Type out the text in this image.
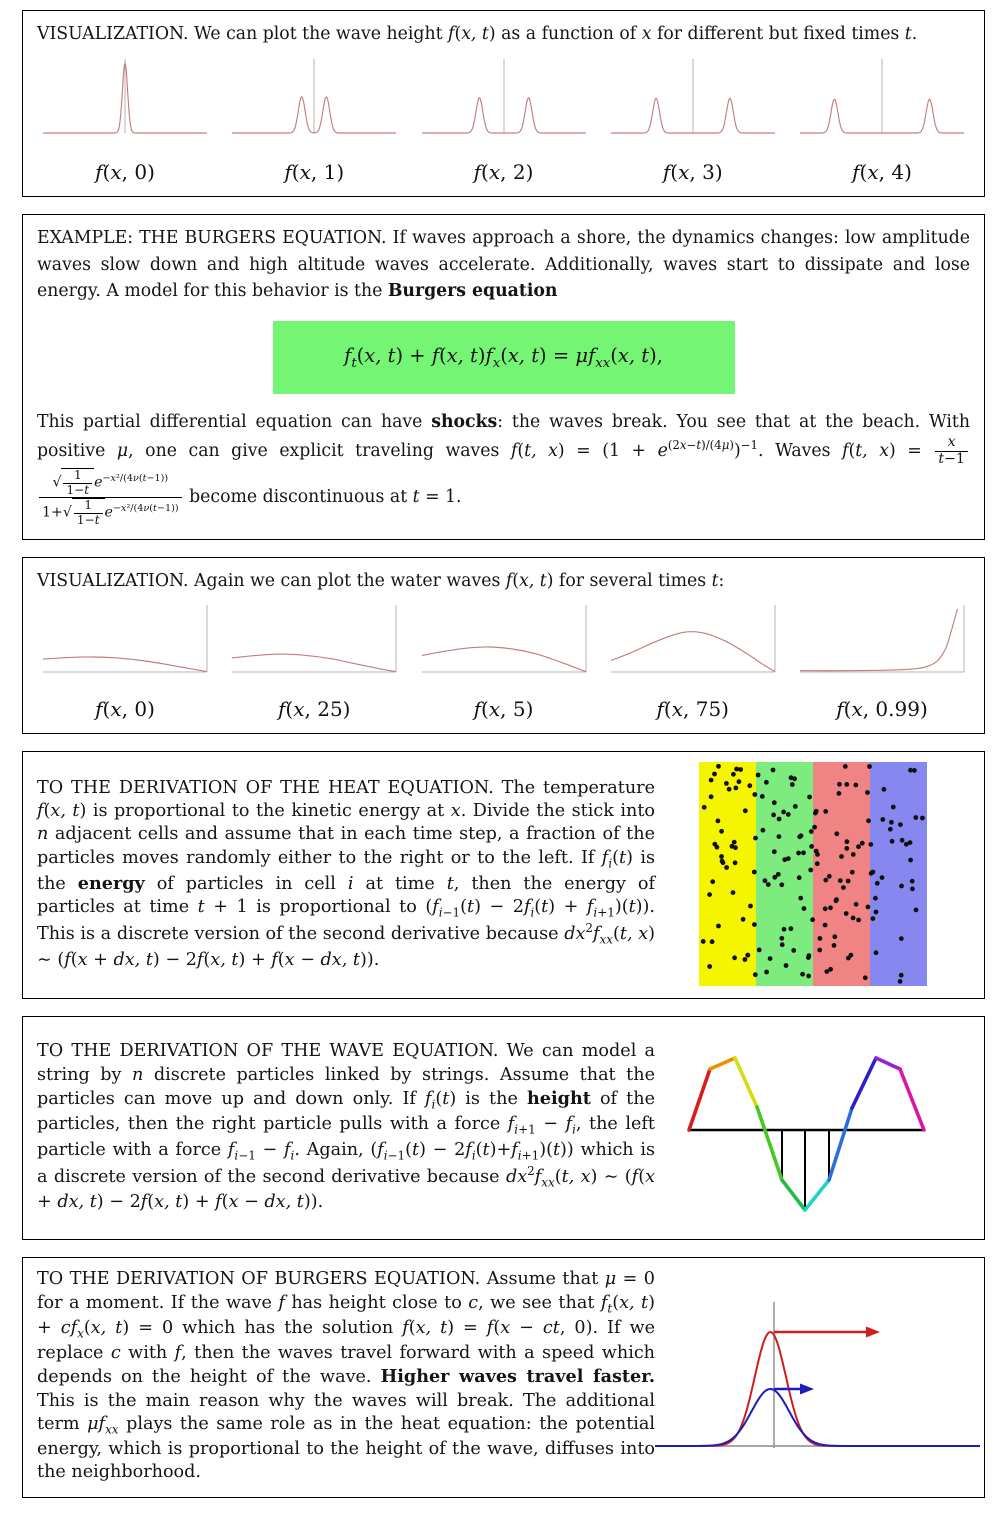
VISUALIZATION. We can plot the wave height f(x, t) as a function of x for different but fixed times t.

f(x, 0)	f(x, 1)	f(x, 2)	f(x, 3)	f(x, 4)

EXAMPLE: THE BURGERS EQUATION. If waves approach a shore, the dynamics changes: low amplitude waves slow down and high altitude waves accelerate. Additionally, waves start to dissipate and lose energy. A model for this behavior is the Burgers equation

$f_t(x$, t) + f(x, $t)f_x(x$, $t) = \mu f_{xx}(x$, t),

This partial differential equation can have shocks: the waves break. You see that at the beach. With positive μ, one can give explicit traveling waves f(t, $x) = (1 + e^{(2x-t)/(4\mu)})^{-1}$. Waves f(t, $x) = \frac{x}{t-1}$
$\frac{√ \frac{1}{1-t} e^{-x^2/(4\nu(t-1))}}{1+√ \frac{1}{1-t} e^{-x^2/(4\nu(t-1))}}$ become discontinuous at t = 1.

VISUALIZATION. Again we can plot the water waves f(x, t) for several times t:

f(x, 0)	f(x, 25)	f(x, 5)	f(x, 75)	f(x, 0.99)

TO THE DERIVATION OF THE HEAT EQUATION. The temperature f(x, t) is proportional to the kinetic energy at x. Divide the stick into n adjacent cells and assume that in each time step, a fraction of the particles moves randomly either to the right or to the left. If $f_i(t)$ is the energy of particles in cell i at time t, then the energy of particles at time t + 1 is proportional to $(f_{i-1}(t) - 2f_i(t) + f_{i+1})(t)$). This is a discrete version of the second derivative because $dx^2f_{xx}(t$, x) ∼ (f(x + dx, t) − 2f(x, t) + f(x − dx, t)).

TO THE DERIVATION OF THE WAVE EQUATION. We can model a string by n discrete particles linked by strings. Assume that the particles can move up and down only. If $f_i(t)$ is the height of the particles, then the right particle pulls with a force $f_{i+1} - f_i$, the left particle with a force $f_{i-1} - f_i$. Again, $(f_{i-1}(t) - 2f_i(t)+f_{i+1})(t)$) which is a discrete version of the second derivative because $dx^2f_{xx}(t$, x) ∼ (f(x + dx, t) − 2f(x, t) + f(x − dx, t)).

TO THE DERIVATION OF BURGERS EQUATION. Assume that μ = 0 for a moment. If the wave f has height close to c, we see that $f_t(x$, $t) + cf_x(x$, t) = 0 which has the solution f(x, t) = f(x − ct, 0). If we replace c with f, then the waves travel forward with a speed which depends on the height of the wave. Higher waves travel faster. This is the main reason why the waves will break. The additional term $\mu f_{xx}$ plays the same role as in the heat equation: the potential energy, which is proportional to the height of the wave, diffuses into the neighborhood.
